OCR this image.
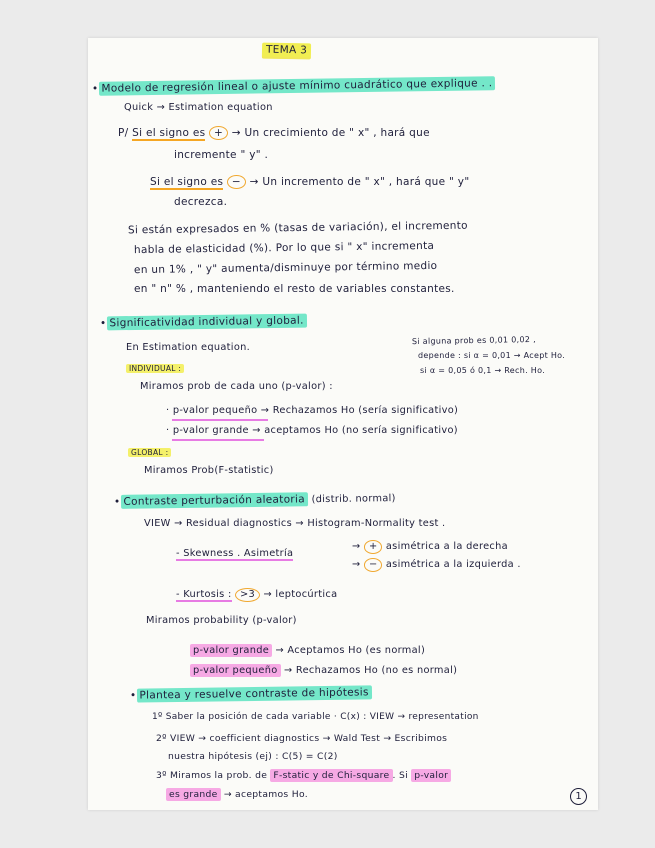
TEMA 3
• Modelo de regresión lineal o ajuste mínimo cuadrático que explique . .
Quick → Estimation equation
P/ Si el signo es + → Un crecimiento de " x" , hará que
incremente " y" .
Si el signo es − → Un incremento de " x" , hará que " y"
decrezca.
Si están expresados en % (tasas de variación), el incremento
habla de elasticidad (%). Por lo que si " x" incrementa
en un 1% , " y" aumenta/disminuye por término medio
en " n" % , manteniendo el resto de variables constantes.
• Significatividad individual y global.
En Estimation equation.
INDIVIDUAL :
Miramos prob de cada uno (p-valor) :
· p-valor pequeño → Rechazamos Ho (sería significativo)
· p-valor grande → aceptamos Ho (no sería significativo)
GLOBAL :
Miramos Prob(F-statistic)
Si alguna prob es 0,01 0,02 ,
depende : si α = 0,01 → Acept Ho.
si α = 0,05 ó 0,1 → Rech. Ho.
• Contraste perturbación aleatoria (distrib. normal)
VIEW → Residual diagnostics → Histogram-Normality test .
- Skewness . Asimetría
→ + asimétrica a la derecha
→ − asimétrica a la izquierda .
- Kurtosis : >3 → leptocúrtica
Miramos probability (p-valor)
p-valor grande → Aceptamos Ho (es normal)
p-valor pequeño → Rechazamos Ho (no es normal)
• Plantea y resuelve contraste de hipótesis
1º Saber la posición de cada variable · C(x) : VIEW → representation
2º VIEW → coefficient diagnostics → Wald Test → Escribimos
nuestra hipótesis (ej) : C(5) = C(2)
3º Miramos la prob. de F-static y de Chi-square . Si p-valor
es grande → aceptamos Ho.	1
